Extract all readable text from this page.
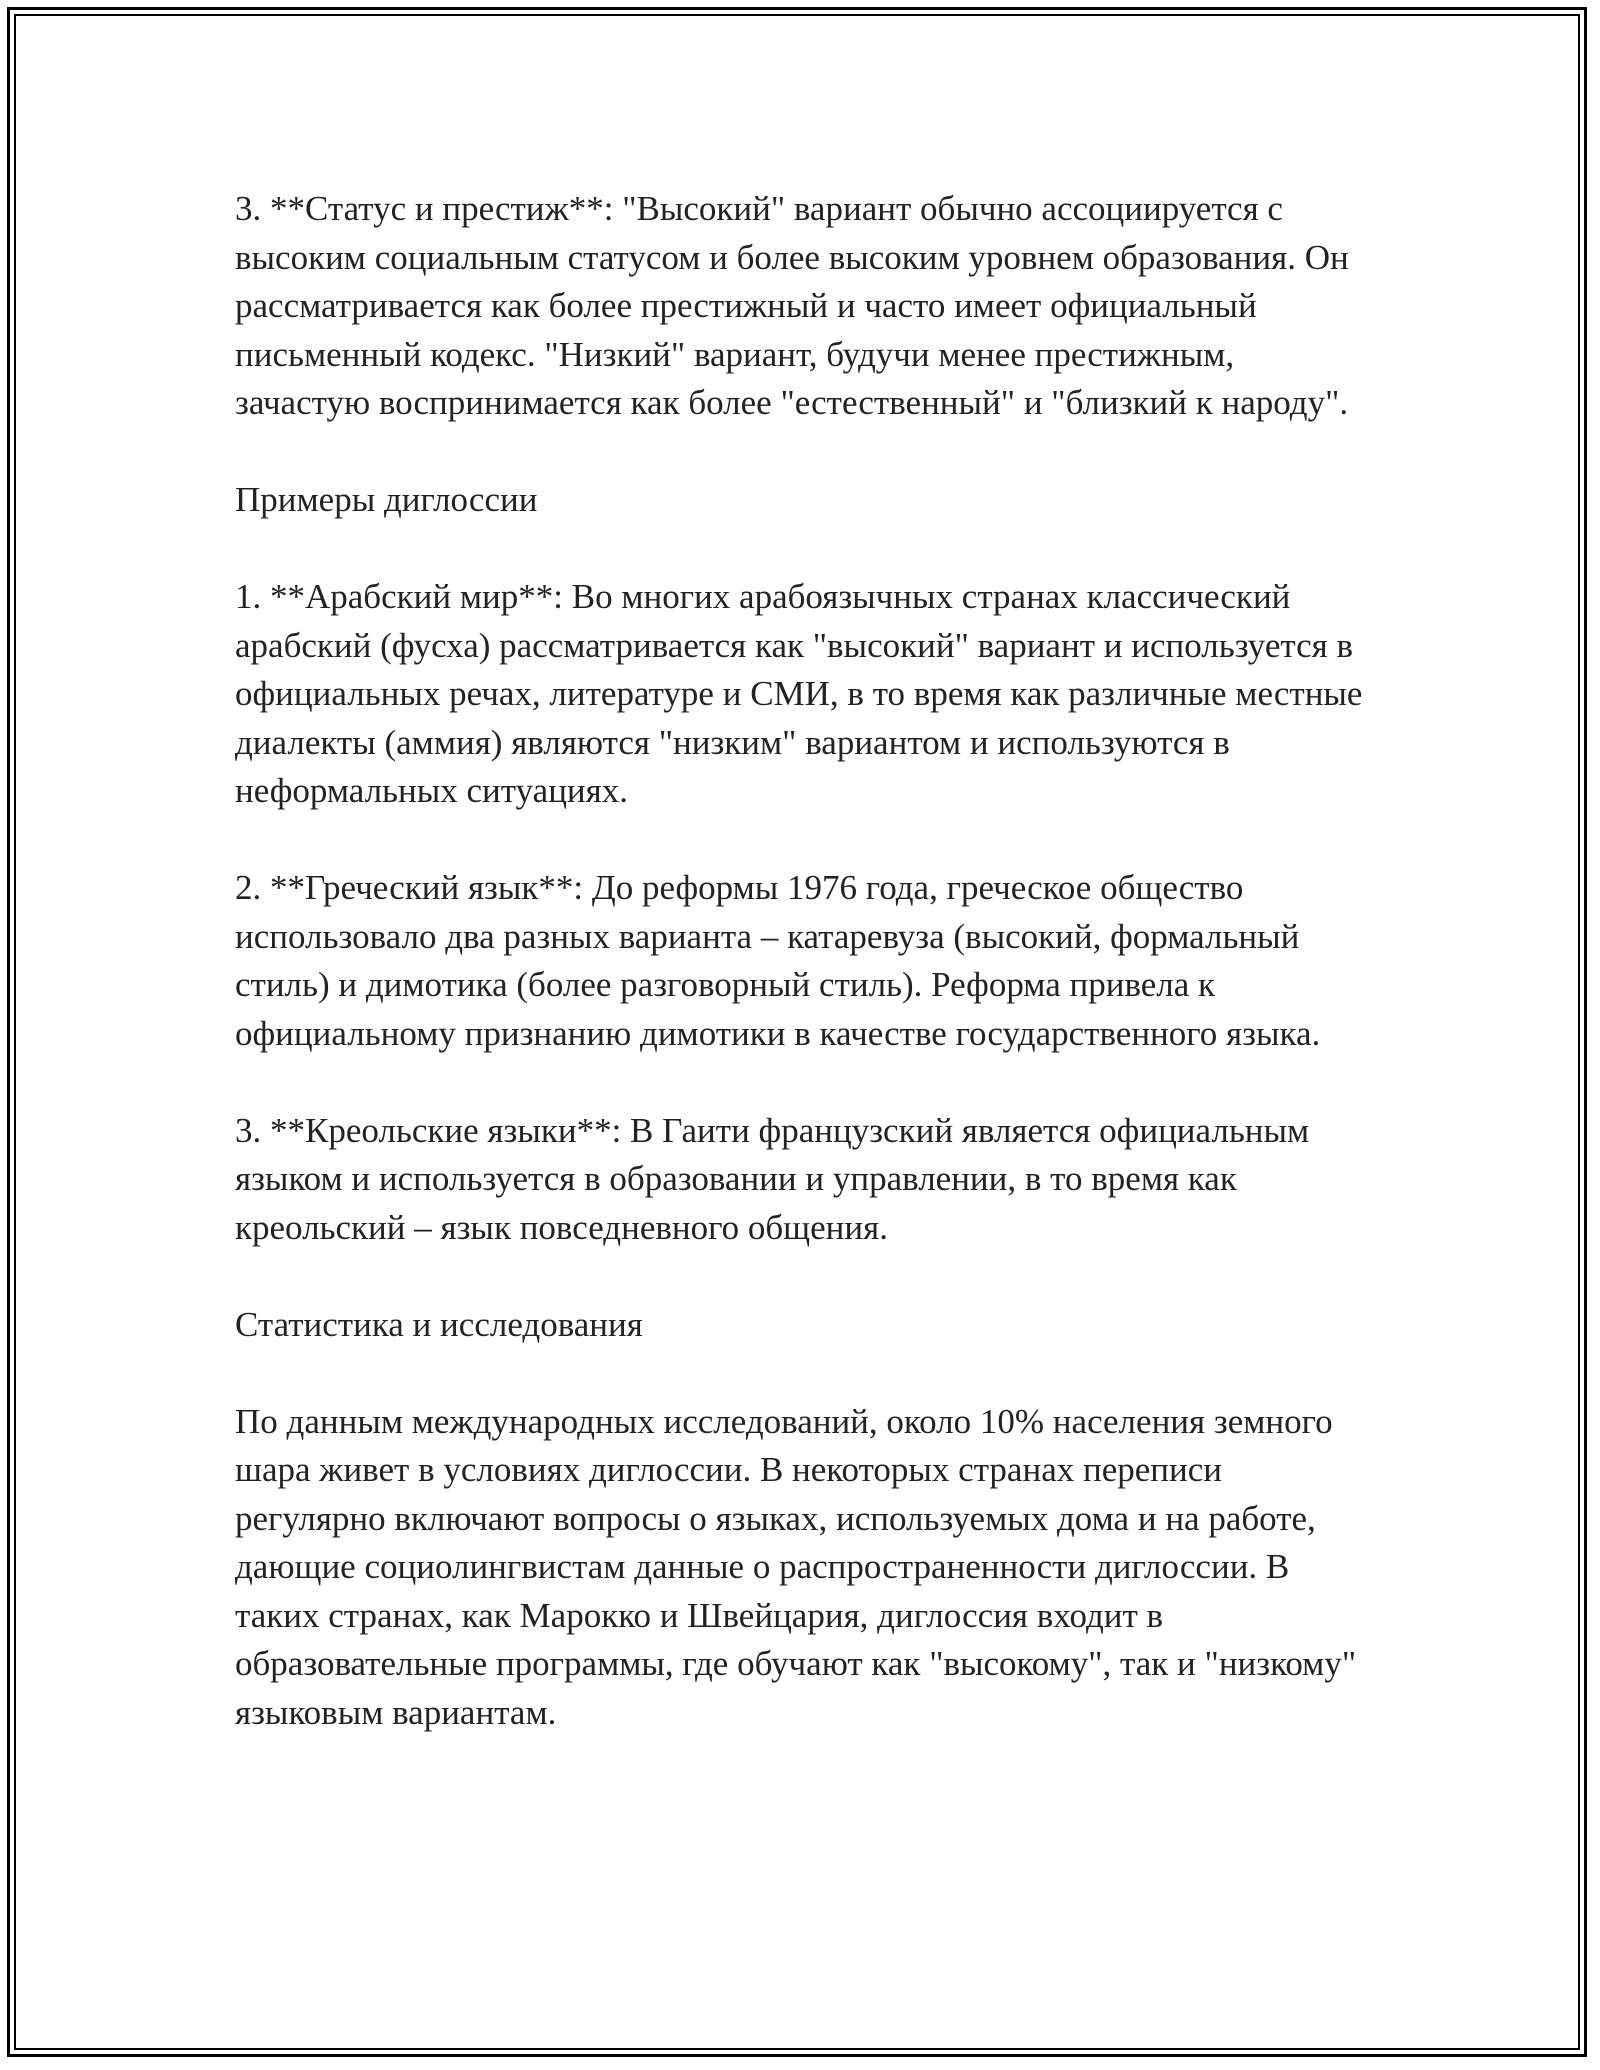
3. **Статус и престиж**: "Высокий" вариант обычно ассоциируется с высоким социальным статусом и более высоким уровнем образования. Он рассматривается как более престижный и часто имеет официальный письменный кодекс. "Низкий" вариант, будучи менее престижным, зачастую воспринимается как более "естественный" и "близкий к народу".

Примеры диглоссии

1. **Арабский мир**: Во многих арабоязычных странах классический арабский (фусха) рассматривается как "высокий" вариант и используется в официальных речах, литературе и СМИ, в то время как различные местные диалекты (аммия) являются "низким" вариантом и используются в неформальных ситуациях.

2. **Греческий язык**: До реформы 1976 года, греческое общество использовало два разных варианта – катаревуза (высокий, формальный стиль) и димотика (более разговорный стиль). Реформа привела к официальному признанию димотики в качестве государственного языка.

3. **Креольские языки**: В Гаити французский является официальным языком и используется в образовании и управлении, в то время как креольский – язык повседневного общения.

Статистика и исследования

По данным международных исследований, около 10% населения земного шара живет в условиях диглоссии. В некоторых странах переписи регулярно включают вопросы о языках, используемых дома и на работе, дающие социолингвистам данные о распространенности диглоссии. В таких странах, как Марокко и Швейцария, диглоссия входит в образовательные программы, где обучают как "высокому", так и "низкому" языковым вариантам.
